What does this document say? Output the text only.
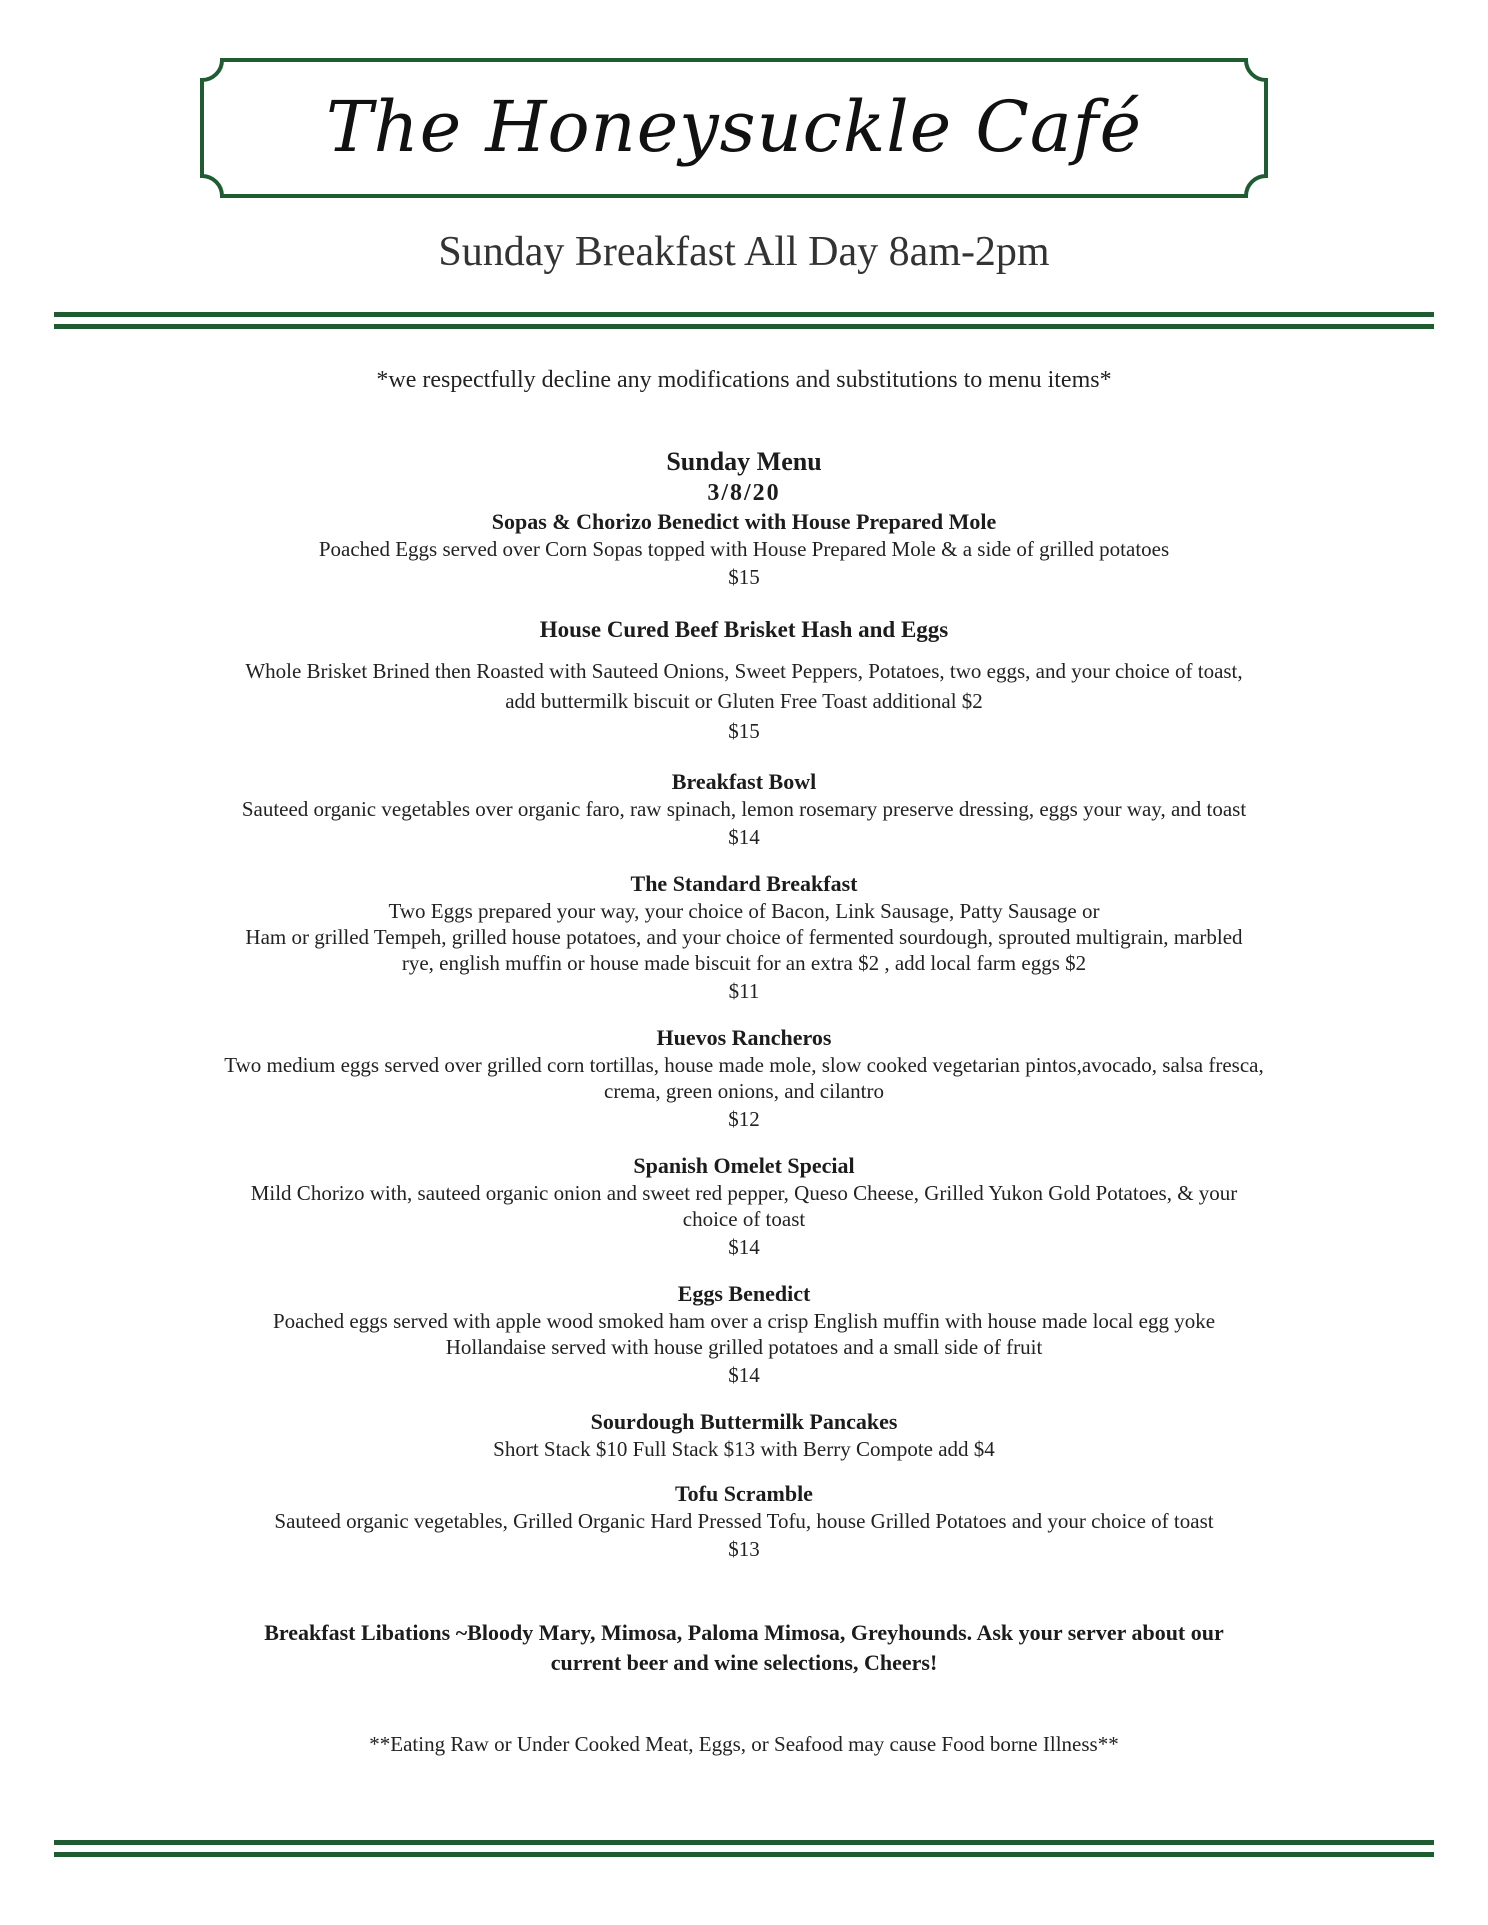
The Honeysuckle Café
Sunday Breakfast All Day 8am-2pm
*we respectfully decline any modifications and substitutions to menu items*
Sunday Menu
3/8/20
Sopas & Chorizo Benedict with House Prepared Mole
Poached Eggs served over Corn Sopas topped with House Prepared Mole & a side of grilled potatoes
$15
House Cured Beef Brisket Hash and Eggs
Whole Brisket Brined then Roasted with Sauteed Onions, Sweet Peppers, Potatoes, two eggs, and your choice of toast,
add buttermilk biscuit or Gluten Free Toast additional $2
$15
Breakfast Bowl
Sauteed organic vegetables over organic faro, raw spinach, lemon rosemary preserve dressing, eggs your way, and toast
$14
The Standard Breakfast
Two Eggs prepared your way, your choice of Bacon, Link Sausage, Patty Sausage or
Ham or grilled Tempeh, grilled house potatoes, and your choice of fermented sourdough, sprouted multigrain, marbled
rye, english muffin or house made biscuit for an extra $2 , add local farm eggs $2
$11
Huevos Rancheros
Two medium eggs served over grilled corn tortillas, house made mole, slow cooked vegetarian pintos,avocado, salsa fresca,
crema, green onions, and cilantro
$12
Spanish Omelet Special
Mild Chorizo with, sauteed organic onion and sweet red pepper, Queso Cheese, Grilled Yukon Gold Potatoes, & your
choice of toast
$14
Eggs Benedict
Poached eggs served with apple wood smoked ham over a crisp English muffin with house made local egg yoke
Hollandaise served with house grilled potatoes and a small side of fruit
$14
Sourdough Buttermilk Pancakes
Short Stack $10 Full Stack $13 with Berry Compote add $4
Tofu Scramble
Sauteed organic vegetables, Grilled Organic Hard Pressed Tofu, house Grilled Potatoes and your choice of toast
$13
Breakfast Libations ~Bloody Mary, Mimosa, Paloma Mimosa, Greyhounds. Ask your server about our
current beer and wine selections, Cheers!
**Eating Raw or Under Cooked Meat, Eggs, or Seafood may cause Food borne Illness**
